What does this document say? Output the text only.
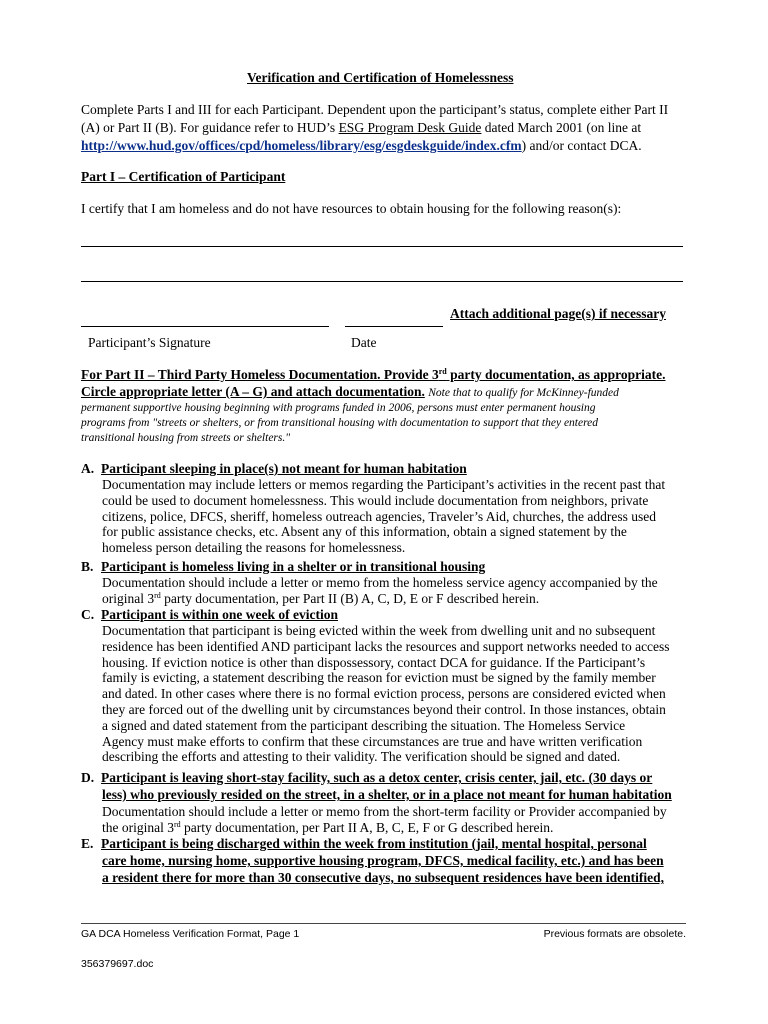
Verification and Certification of Homelessness
Complete Parts I and III for each Participant. Dependent upon the participant’s status, complete either Part II
(A) or Part II (B). For guidance refer to HUD’s ESG Program Desk Guide dated March 2001 (on line at
http://www.hud.gov/offices/cpd/homeless/library/esg/esgdeskguide/index.cfm) and/or contact DCA.
Part I – Certification of Participant
I certify that I am homeless and do not have resources to obtain housing for the following reason(s):
Attach additional page(s) if necessary
Participant’s Signature	Date
For Part II – Third Party Homeless Documentation. Provide 3rd party documentation, as appropriate.
Circle appropriate letter (A – G) and attach documentation. Note that to qualify for McKinney-funded
permanent supportive housing beginning with programs funded in 2006, persons must enter permanent housing
programs from "streets or shelters, or from transitional housing with documentation to support that they entered
transitional housing from streets or shelters."
A. Participant sleeping in place(s) not meant for human habitation
Documentation may include letters or memos regarding the Participant’s activities in the recent past that
could be used to document homelessness. This would include documentation from neighbors, private
citizens, police, DFCS, sheriff, homeless outreach agencies, Traveler’s Aid, churches, the address used
for public assistance checks, etc. Absent any of this information, obtain a signed statement by the
homeless person detailing the reasons for homelessness.
B. Participant is homeless living in a shelter or in transitional housing
Documentation should include a letter or memo from the homeless service agency accompanied by the
original 3rd party documentation, per Part II (B) A, C, D, E or F described herein.
C. Participant is within one week of eviction
Documentation that participant is being evicted within the week from dwelling unit and no subsequent
residence has been identified AND participant lacks the resources and support networks needed to access
housing. If eviction notice is other than dispossessory, contact DCA for guidance. If the Participant’s
family is evicting, a statement describing the reason for eviction must be signed by the family member
and dated. In other cases where there is no formal eviction process, persons are considered evicted when
they are forced out of the dwelling unit by circumstances beyond their control. In those instances, obtain
a signed and dated statement from the participant describing the situation. The Homeless Service
Agency must make efforts to confirm that these circumstances are true and have written verification
describing the efforts and attesting to their validity. The verification should be signed and dated.
D. Participant is leaving short-stay facility, such as a detox center, crisis center, jail, etc. (30 days or
less) who previously resided on the street, in a shelter, or in a place not meant for human habitation
Documentation should include a letter or memo from the short-term facility or Provider accompanied by
the original 3rd party documentation, per Part II A, B, C, E, F or G described herein.
E. Participant is being discharged within the week from institution (jail, mental hospital, personal
care home, nursing home, supportive housing program, DFCS, medical facility, etc.) and has been
a resident there for more than 30 consecutive days, no subsequent residences have been identified,
GA DCA Homeless Verification Format, Page 1	Previous formats are obsolete.
356379697.doc
